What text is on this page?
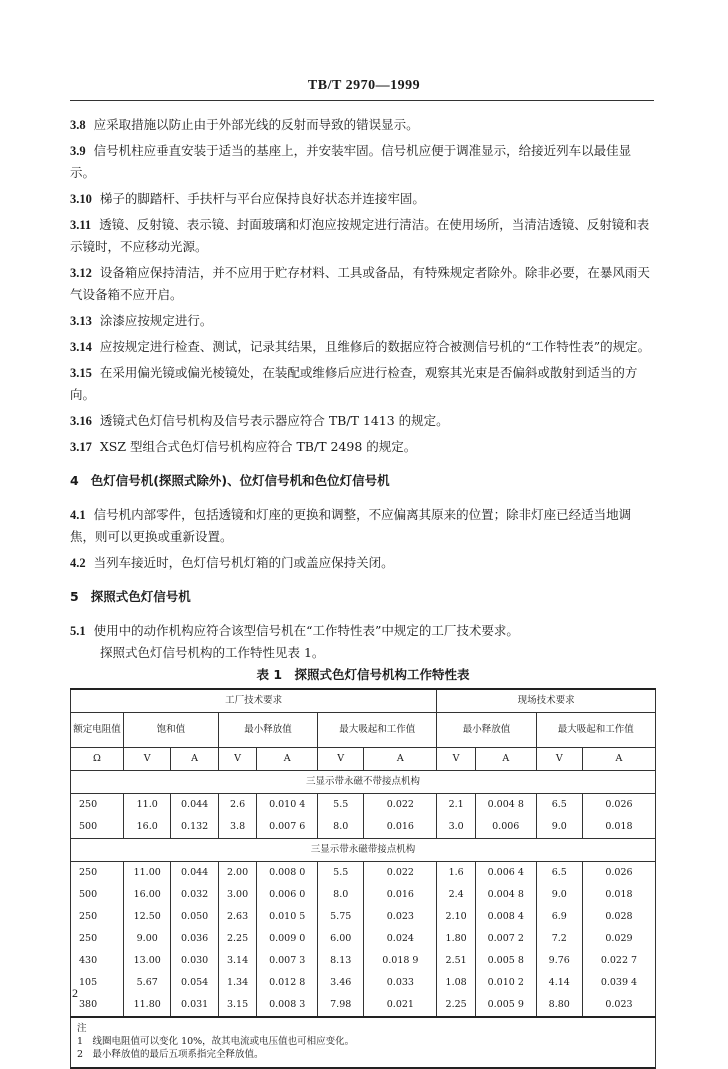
TB/T 2970—1999

3.8 应采取措施以防止由于外部光线的反射而导致的错误显示。

3.9 信号机柱应垂直安装于适当的基座上，并安装牢固。信号机应便于调准显示，给接近列车以最佳显示。

3.10 梯子的脚踏杆、手扶杆与平台应保持良好状态并连接牢固。

3.11 透镜、反射镜、表示镜、封面玻璃和灯泡应按规定进行清洁。在使用场所，当清洁透镜、反射镜和表示镜时，不应移动光源。

3.12 设备箱应保持清洁，并不应用于贮存材料、工具或备品，有特殊规定者除外。除非必要，在暴风雨天气设备箱不应开启。

3.13 涂漆应按规定进行。

3.14 应按规定进行检查、测试，记录其结果，且维修后的数据应符合被测信号机的“工作特性表”的规定。

3.15 在采用偏光镜或偏光棱镜处，在装配或维修后应进行检查，观察其光束是否偏斜或散射到适当的方向。

3.16 透镜式色灯信号机构及信号表示器应符合 TB/T 1413 的规定。

3.17 XSZ 型组合式色灯信号机构应符合 TB/T 2498 的规定。

4 色灯信号机(探照式除外)、位灯信号机和色位灯信号机

4.1 信号机内部零件，包括透镜和灯座的更换和调整，不应偏离其原来的位置；除非灯座已经适当地调焦，则可以更换或重新设置。

4.2 当列车接近时，色灯信号机灯箱的门或盖应保持关闭。

5 探照式色灯信号机

5.1 使用中的动作机构应符合该型信号机在“工作特性表”中规定的工厂技术要求。

探照式色灯信号机构的工作特性见表 1。

表 1　探照式色灯信号机构工作特性表
工厂技术要求							现场技术要求			
额定电阻值	饱和值		最小释放值		最大吸起和工作值		最小释放值		最大吸起和工作值	
Ω	V	A	V	A	V	A	V	A	V	A
三显示带永磁不带接点机构										
250	11.0	0.044	2.6	0.010 4	5.5	0.022	2.1	0.004 8	6.5	0.026
500	16.0	0.132	3.8	0.007 6	8.0	0.016	3.0	0.006	9.0	0.018
三显示带永磁带接点机构										
250	11.00	0.044	2.00	0.008 0	5.5	0.022	1.6	0.006 4	6.5	0.026
500	16.00	0.032	3.00	0.006 0	8.0	0.016	2.4	0.004 8	9.0	0.018
250	12.50	0.050	2.63	0.010 5	5.75	0.023	2.10	0.008 4	6.9	0.028
250	9.00	0.036	2.25	0.009 0	6.00	0.024	1.80	0.007 2	7.2	0.029
430	13.00	0.030	3.14	0.007 3	8.13	0.018 9	2.51	0.005 8	9.76	0.022 7
105	5.67	0.054	1.34	0.012 8	3.46	0.033	1.08	0.010 2	4.14	0.039 4
380	11.80	0.031	3.15	0.008 3	7.98	0.021	2.25	0.005 9	8.80	0.023
注
1　线圈电阻值可以变化 10%，故其电流或电压值也可相应变化。
2　最小释放值的最后五项系指完全释放值。
2
